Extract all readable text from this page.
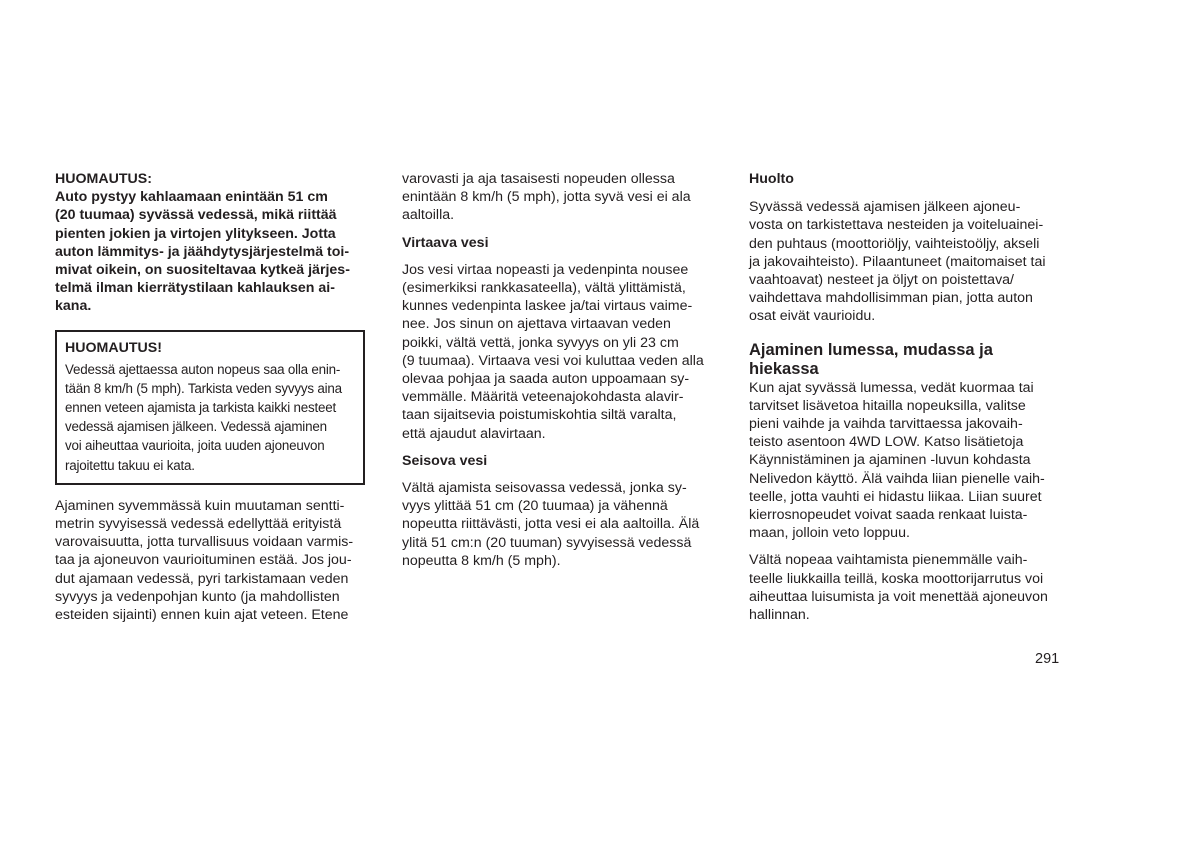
HUOMAUTUS:

Auto pystyy kahlaamaan enintään 51 cm
(20 tuumaa) syvässä vedessä, mikä riittää
pienten jokien ja virtojen ylitykseen. Jotta
auton lämmitys- ja jäähdytysjärjestelmä toi-
mivat oikein, on suositeltavaa kytkeä järjes-
telmä ilman kierrätystilaan kahlauksen ai-
kana.

HUOMAUTUS!

Vedessä ajettaessa auton nopeus saa olla enin-
tään 8 km/h (5 mph). Tarkista veden syvyys aina
ennen veteen ajamista ja tarkista kaikki nesteet
vedessä ajamisen jälkeen. Vedessä ajaminen
voi aiheuttaa vaurioita, joita uuden ajoneuvon
rajoitettu takuu ei kata.
Ajaminen syvemmässä kuin muutaman sentti-
metrin syvyisessä vedessä edellyttää erityistä
varovaisuutta, jotta turvallisuus voidaan varmis-
taa ja ajoneuvon vaurioituminen estää. Jos jou-
dut ajamaan vedessä, pyri tarkistamaan veden
syvyys ja vedenpohjan kunto (ja mahdollisten
esteiden sijainti) ennen kuin ajat veteen. Etene
varovasti ja aja tasaisesti nopeuden ollessa
enintään 8 km/h (5 mph), jotta syvä vesi ei ala
aaltoilla.

Virtaava vesi

Jos vesi virtaa nopeasti ja vedenpinta nousee
(esimerkiksi rankkasateella), vältä ylittämistä,
kunnes vedenpinta laskee ja/tai virtaus vaime-
nee. Jos sinun on ajettava virtaavan veden
poikki, vältä vettä, jonka syvyys on yli 23 cm
(9 tuumaa). Virtaava vesi voi kuluttaa veden alla
olevaa pohjaa ja saada auton uppoamaan sy-
vemmälle. Määritä veteenajokohdasta alavir-
taan sijaitsevia poistumiskohtia siltä varalta,
että ajaudut alavirtaan.

Seisova vesi

Vältä ajamista seisovassa vedessä, jonka sy-
vyys ylittää 51 cm (20 tuumaa) ja vähennä
nopeutta riittävästi, jotta vesi ei ala aaltoilla. Älä
ylitä 51 cm:n (20 tuuman) syvyisessä vedessä
nopeutta 8 km/h (5 mph).

Huolto

Syvässä vedessä ajamisen jälkeen ajoneu-
vosta on tarkistettava nesteiden ja voiteluainei-
den puhtaus (moottoriöljy, vaihteistoöljy, akseli
ja jakovaihteisto). Pilaantuneet (maitomaiset tai
vaahtoavat) nesteet ja öljyt on poistettava/
vaihdettava mahdollisimman pian, jotta auton
osat eivät vaurioidu.
Ajaminen lumessa, mudassa ja
hiekassa
Kun ajat syvässä lumessa, vedät kuormaa tai
tarvitset lisävetoa hitailla nopeuksilla, valitse
pieni vaihde ja vaihda tarvittaessa jakovaih-
teisto asentoon 4WD LOW. Katso lisätietoja
Käynnistäminen ja ajaminen -luvun kohdasta
Nelivedon käyttö. Älä vaihda liian pienelle vaih-
teelle, jotta vauhti ei hidastu liikaa. Liian suuret
kierrosnopeudet voivat saada renkaat luista-
maan, jolloin veto loppuu.
Vältä nopeaa vaihtamista pienemmälle vaih-
teelle liukkailla teillä, koska moottorijarrutus voi
aiheuttaa luisumista ja voit menettää ajoneuvon
hallinnan.
291
